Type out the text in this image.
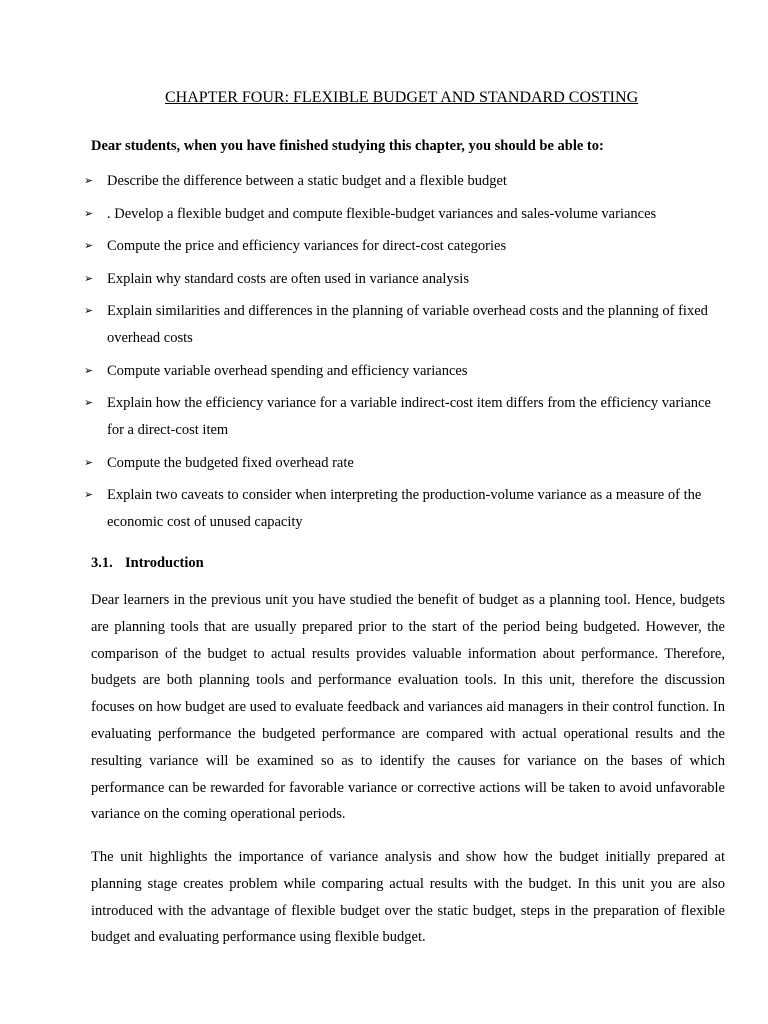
CHAPTER FOUR: FLEXIBLE BUDGET AND STANDARD COSTING

Dear students, when you have finished studying this chapter, you should be able to:

➢ Describe the difference between a static budget and a flexible budget
➢ . Develop a flexible budget and compute flexible-budget variances and sales-volume variances
➢ Compute the price and efficiency variances for direct-cost categories
➢ Explain why standard costs are often used in variance analysis
➢ Explain similarities and differences in the planning of variable overhead costs and the planning of fixed overhead costs
➢ Compute variable overhead spending and efficiency variances
➢ Explain how the efficiency variance for a variable indirect-cost item differs from the efficiency variance for a direct-cost item
➢ Compute the budgeted fixed overhead rate
➢ Explain two caveats to consider when interpreting the production-volume variance as a measure of the economic cost of unused capacity
3.1. Introduction

Dear learners in the previous unit you have studied the benefit of budget as a planning tool. Hence, budgets are planning tools that are usually prepared prior to the start of the period being budgeted. However, the comparison of the budget to actual results provides valuable information about performance. Therefore, budgets are both planning tools and performance evaluation tools. In this unit, therefore the discussion focuses on how budget are used to evaluate feedback and variances aid managers in their control function. In evaluating performance the budgeted performance are compared with actual operational results and the resulting variance will be examined so as to identify the causes for variance on the bases of which performance can be rewarded for favorable variance or corrective actions will be taken to avoid unfavorable variance on the coming operational periods.

The unit highlights the importance of variance analysis and show how the budget initially prepared at planning stage creates problem while comparing actual results with the budget. In this unit you are also introduced with the advantage of flexible budget over the static budget, steps in the preparation of flexible budget and evaluating performance using flexible budget.
